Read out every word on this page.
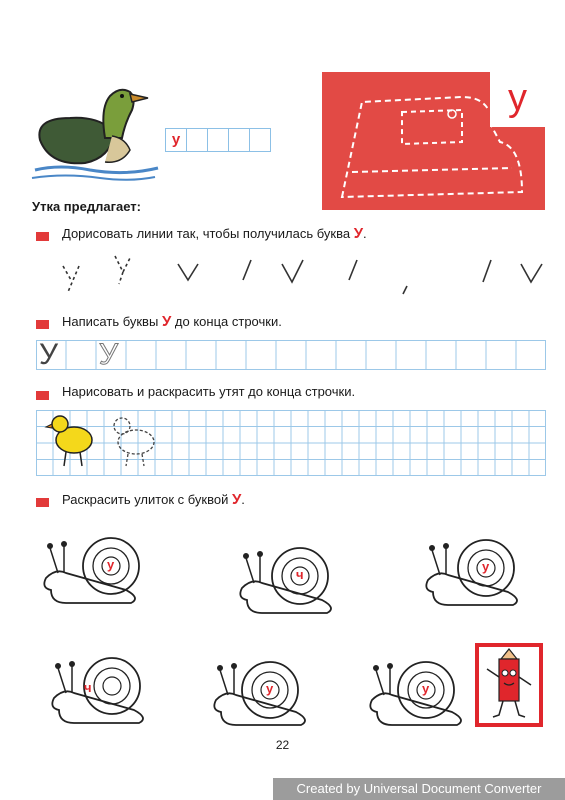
у
у
Утка предлагает:
Дорисовать линии так, чтобы получилась буква У.
Написать буквы У до конца строчки.
У У
Нарисовать и раскрасить утят до конца строчки.
Раскрасить улиток с буквой У.
у
ч
у
ч	у	у
22
Created by Universal Document Converter
